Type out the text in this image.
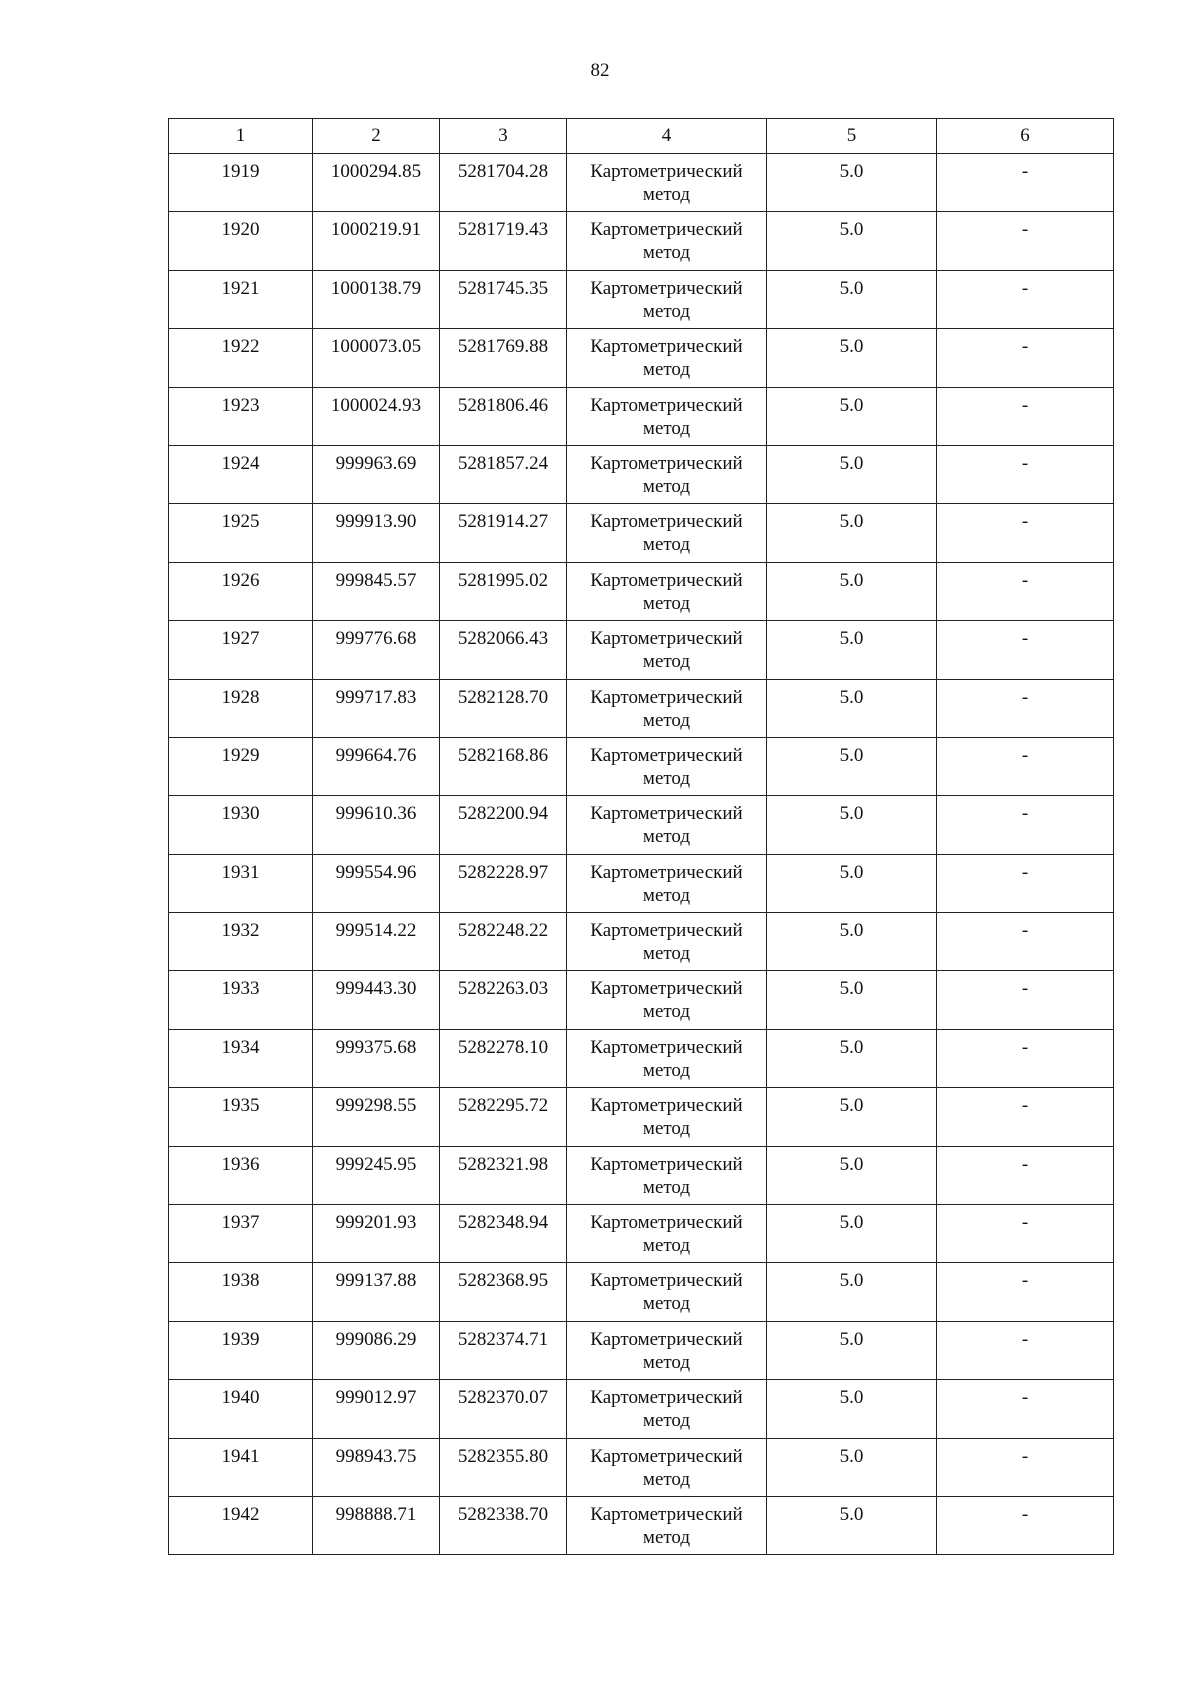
82
1	2	3	4	5	6
1919	1000294.85	5281704.28	Картометрический метод	5.0	-
1920	1000219.91	5281719.43	Картометрический метод	5.0	-
1921	1000138.79	5281745.35	Картометрический метод	5.0	-
1922	1000073.05	5281769.88	Картометрический метод	5.0	-
1923	1000024.93	5281806.46	Картометрический метод	5.0	-
1924	999963.69	5281857.24	Картометрический метод	5.0	-
1925	999913.90	5281914.27	Картометрический метод	5.0	-
1926	999845.57	5281995.02	Картометрический метод	5.0	-
1927	999776.68	5282066.43	Картометрический метод	5.0	-
1928	999717.83	5282128.70	Картометрический метод	5.0	-
1929	999664.76	5282168.86	Картометрический метод	5.0	-
1930	999610.36	5282200.94	Картометрический метод	5.0	-
1931	999554.96	5282228.97	Картометрический метод	5.0	-
1932	999514.22	5282248.22	Картометрический метод	5.0	-
1933	999443.30	5282263.03	Картометрический метод	5.0	-
1934	999375.68	5282278.10	Картометрический метод	5.0	-
1935	999298.55	5282295.72	Картометрический метод	5.0	-
1936	999245.95	5282321.98	Картометрический метод	5.0	-
1937	999201.93	5282348.94	Картометрический метод	5.0	-
1938	999137.88	5282368.95	Картометрический метод	5.0	-
1939	999086.29	5282374.71	Картометрический метод	5.0	-
1940	999012.97	5282370.07	Картометрический метод	5.0	-
1941	998943.75	5282355.80	Картометрический метод	5.0	-
1942	998888.71	5282338.70	Картометрический метод	5.0	-
